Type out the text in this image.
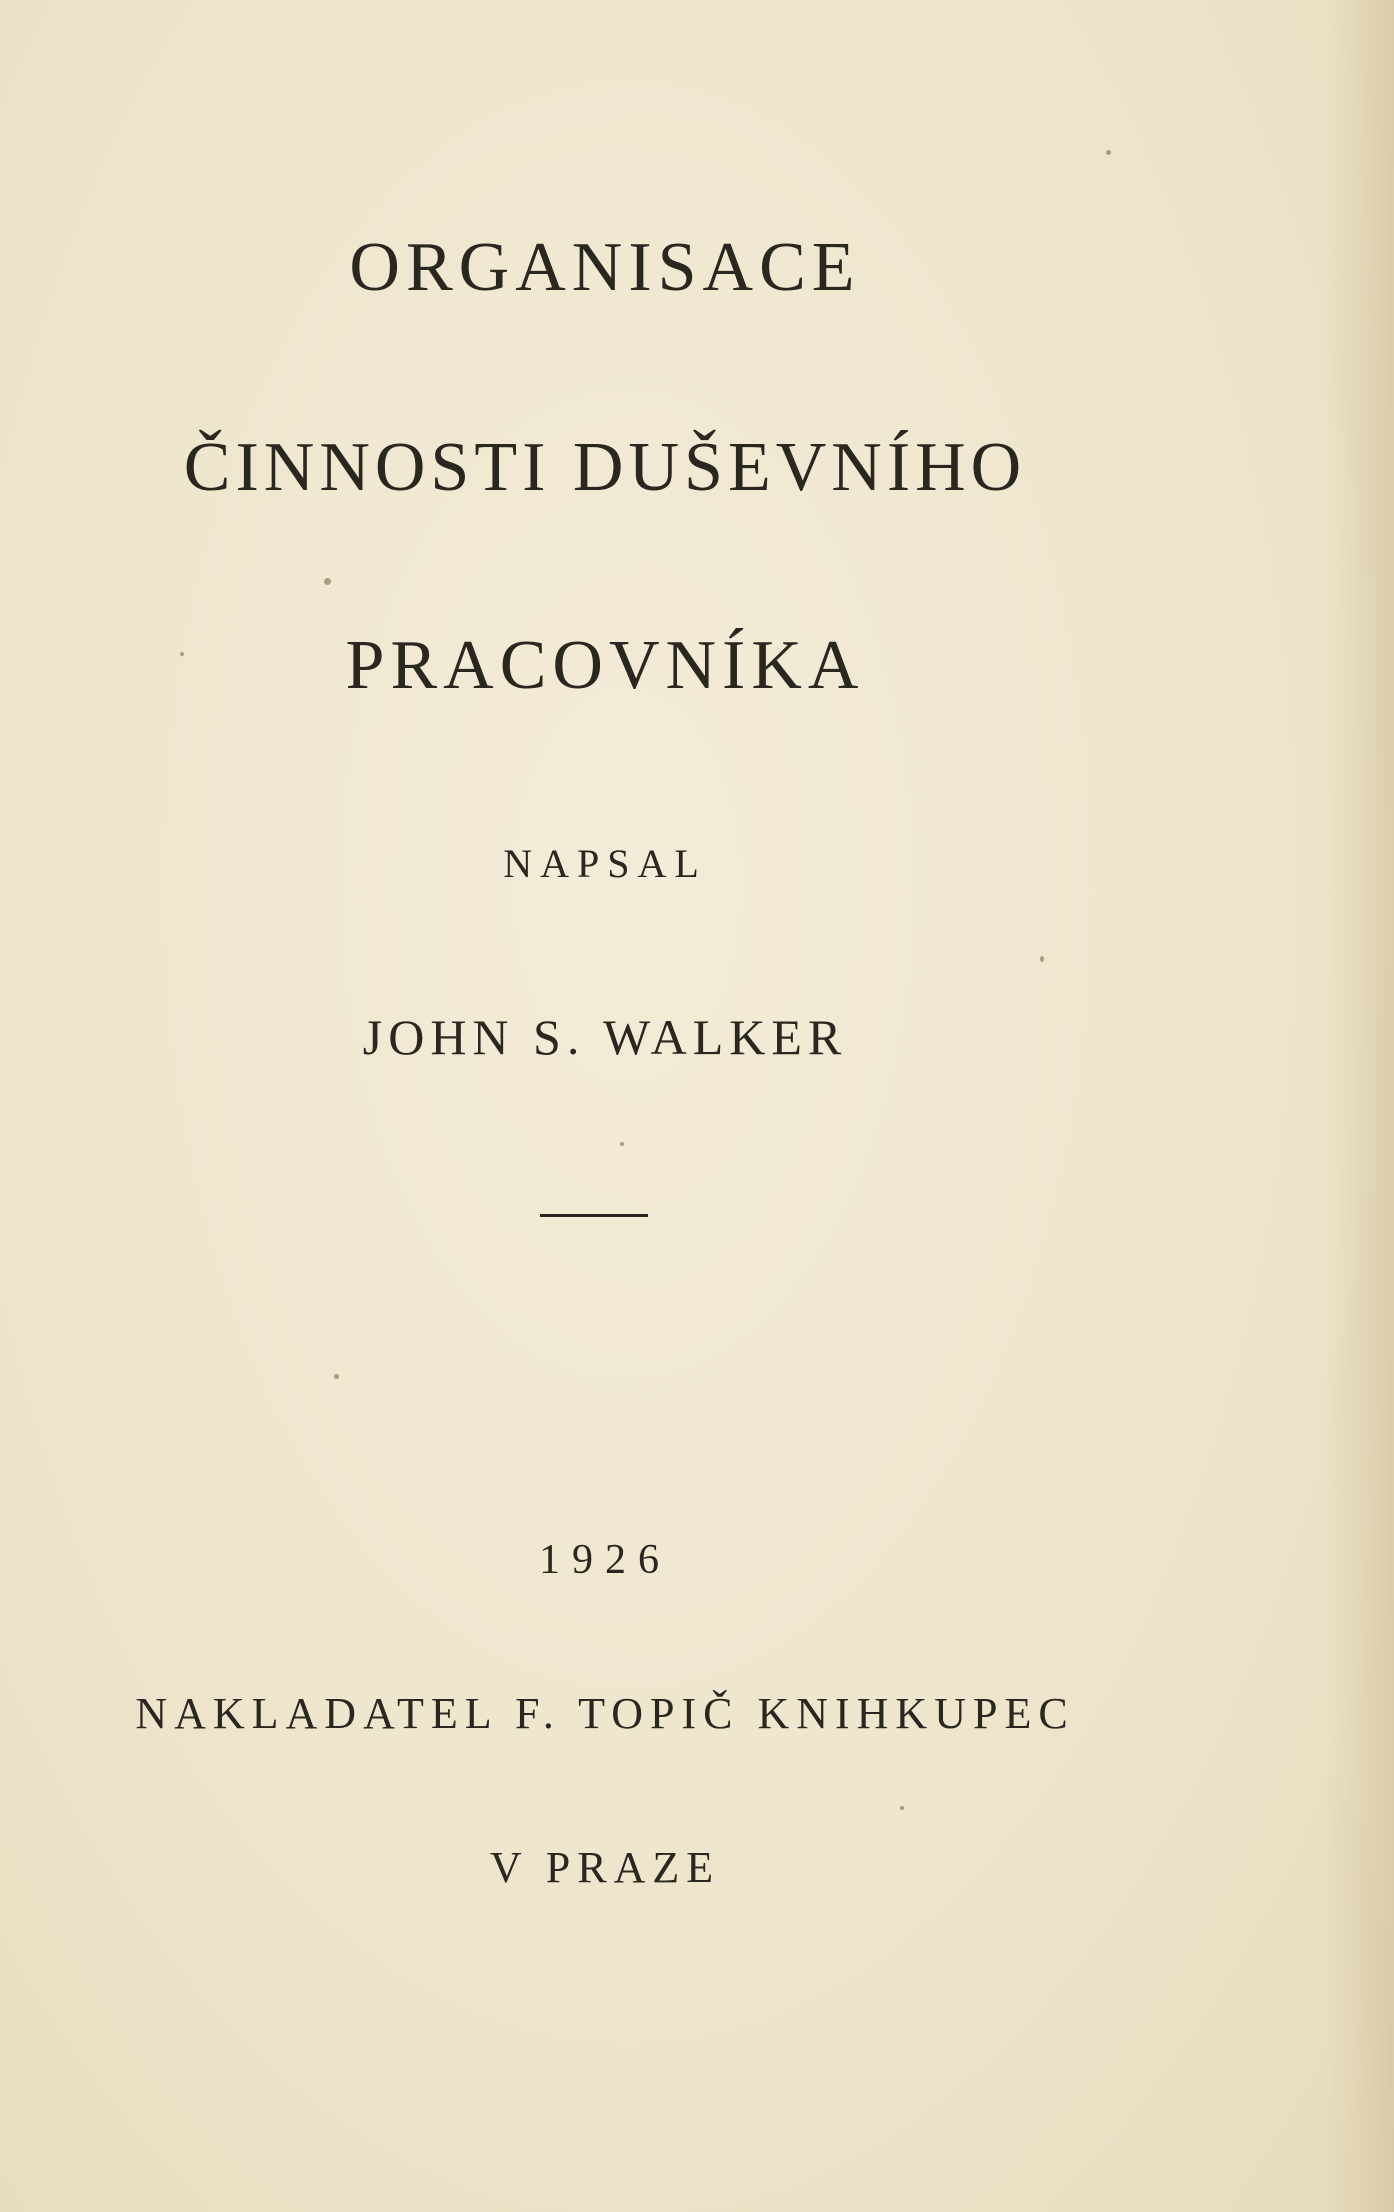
ORGANISACE
ČINNOSTI DUŠEVNÍHO
PRACOVNÍKA
NAPSAL
JOHN S. WALKER
1926
NAKLADATEL F. TOPIČ KNIHKUPEC
V PRAZE
